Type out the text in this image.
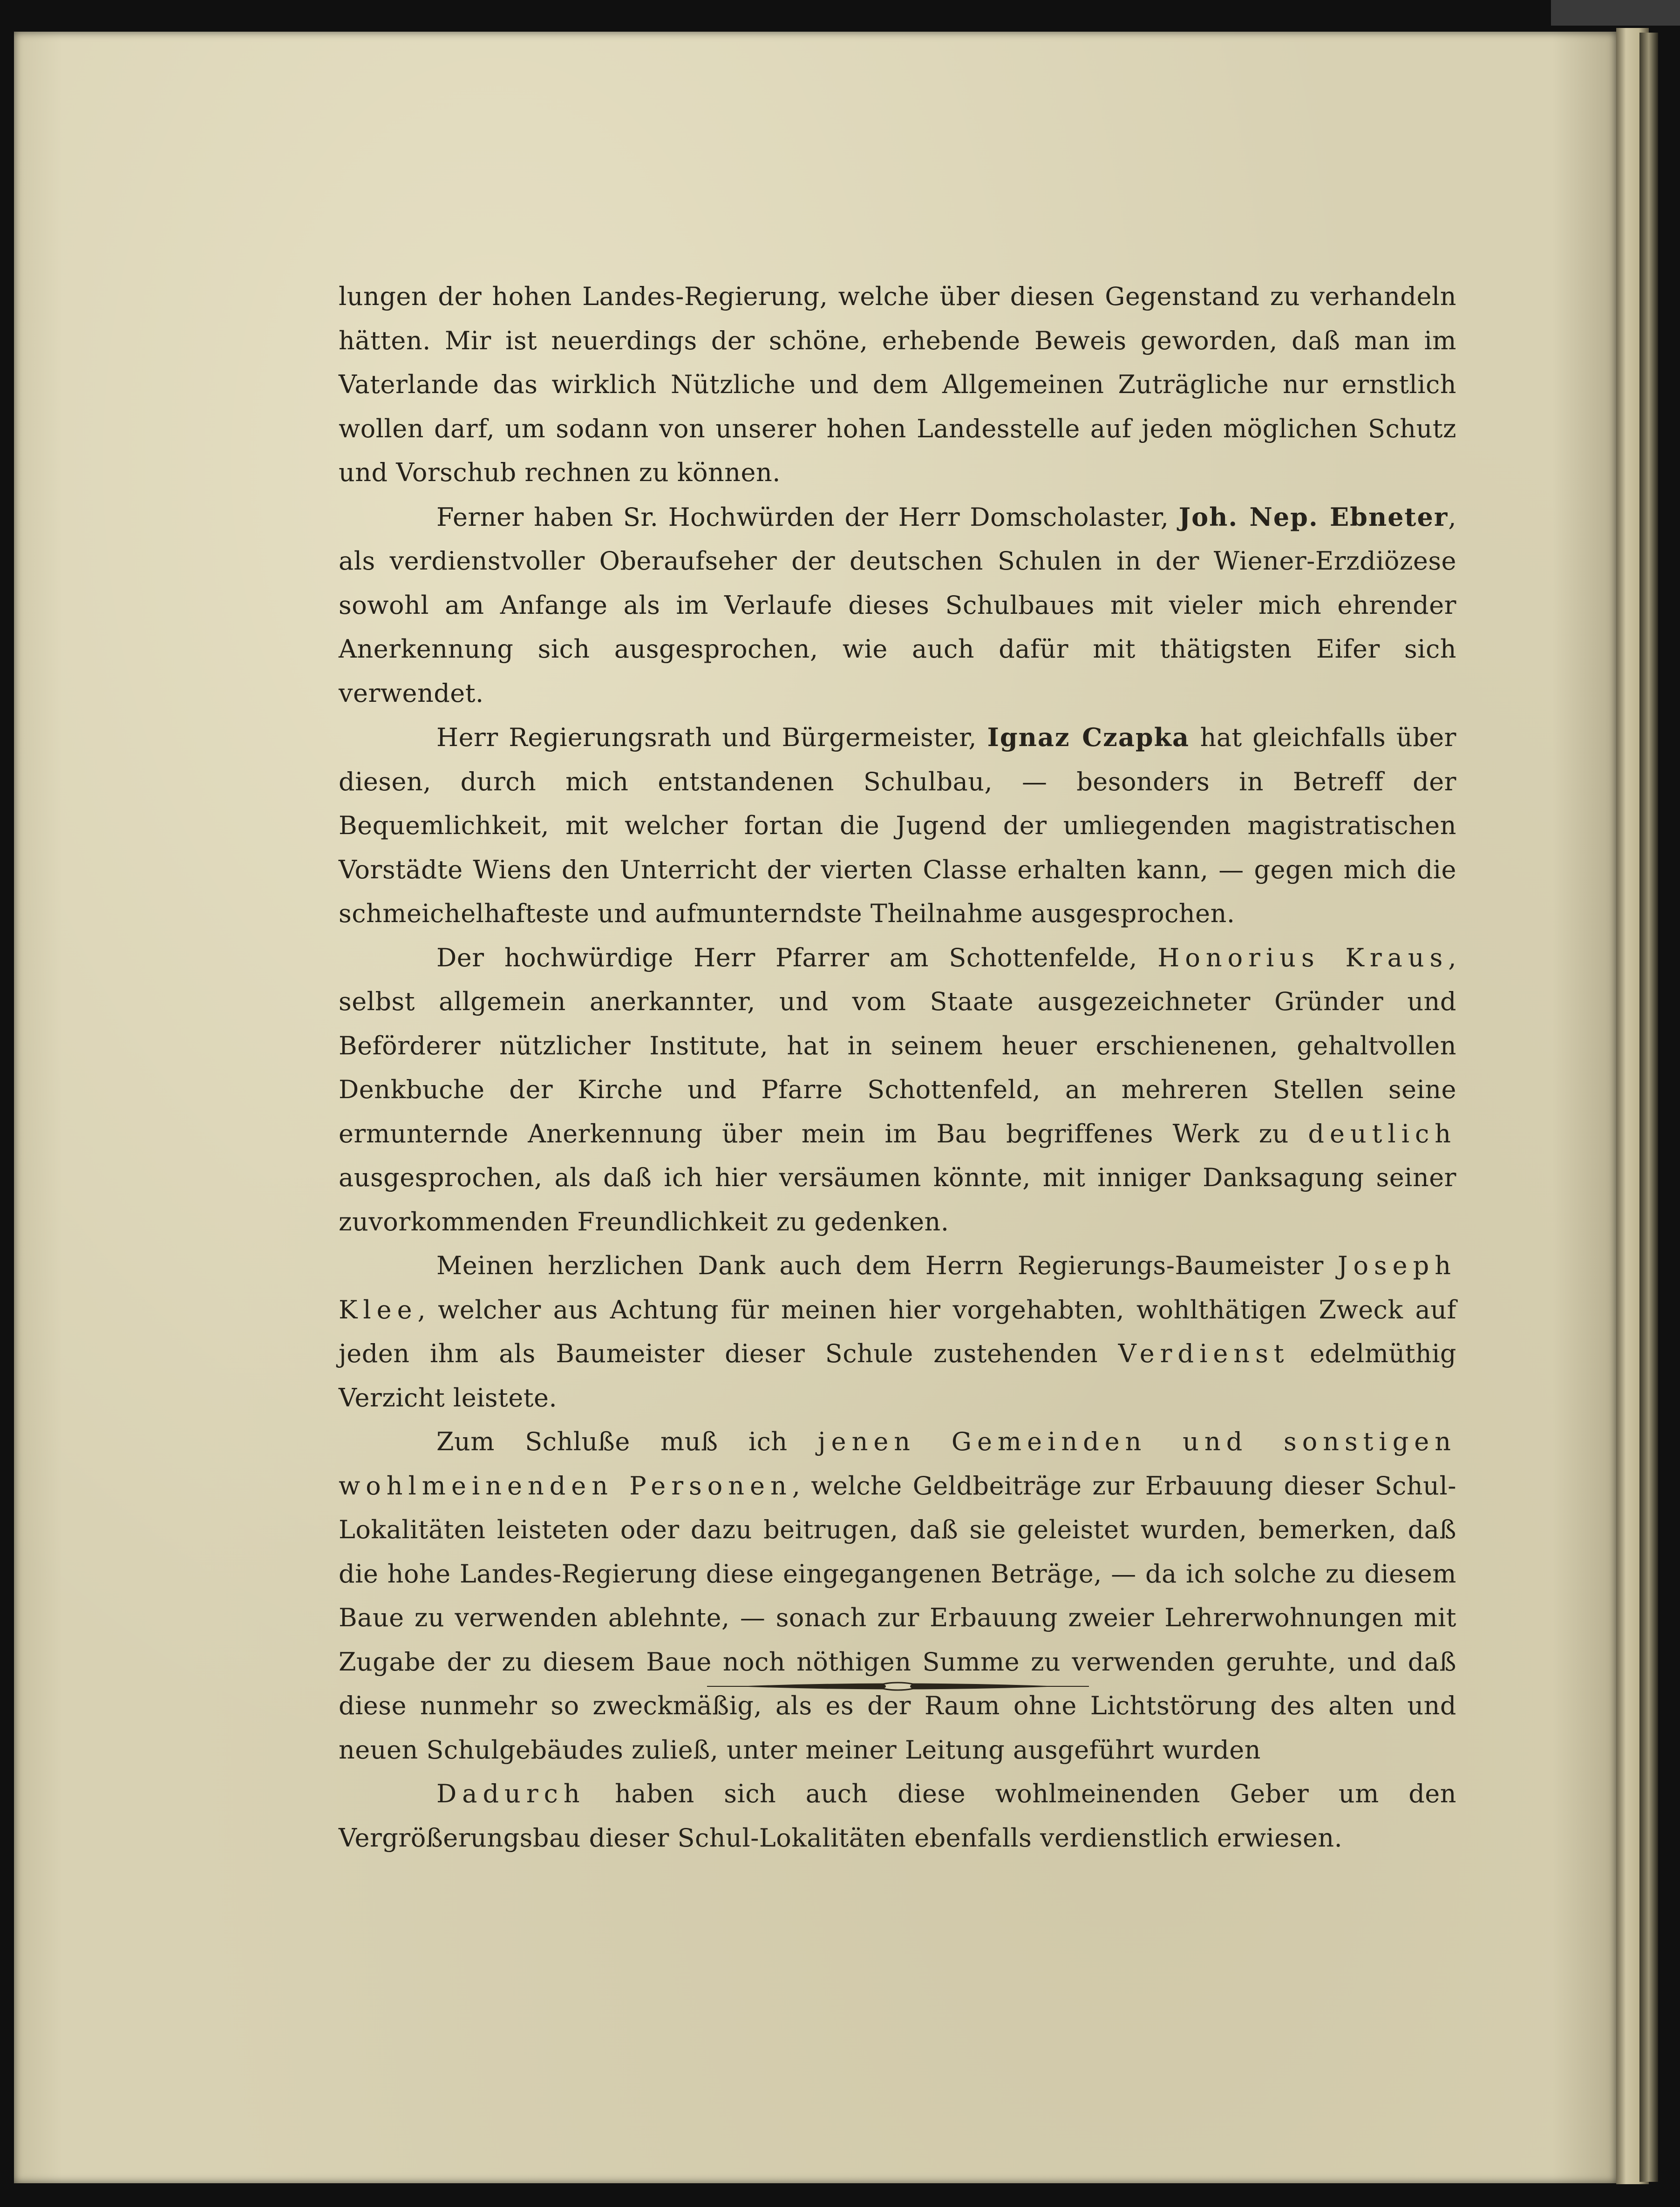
lungen der hohen Landes-Regierung, welche über diesen Gegenstand zu verhandeln hätten. Mir ist neuerdings der schöne, erhebende Beweis geworden, daß man im Vaterlande das wirklich Nützliche und dem Allgemeinen Zuträgliche nur ernstlich wollen darf, um sodann von unserer hohen Landesstelle auf jeden möglichen Schutz und Vorschub rechnen zu können.

Ferner haben Sr. Hochwürden der Herr Domscholaster, Joh. Nep. Ebneter, als verdienstvoller Oberaufseher der deutschen Schulen in der Wiener-Erzdiözese sowohl am Anfange als im Verlaufe dieses Schulbaues mit vieler mich ehrender Anerkennung sich ausgesprochen, wie auch dafür mit thätigsten Eifer sich verwendet.

Herr Regierungsrath und Bürgermeister, Ignaz Czapka hat gleichfalls über diesen, durch mich entstandenen Schulbau, — besonders in Betreff der Bequemlichkeit, mit welcher fortan die Jugend der umliegenden magistratischen Vorstädte Wiens den Unterricht der vierten Classe erhalten kann, — gegen mich die schmeichelhafteste und aufmunterndste Theilnahme ausgesprochen.

Der hochwürdige Herr Pfarrer am Schottenfelde, Honorius Kraus, selbst allgemein anerkannter, und vom Staate ausgezeichneter Gründer und Beförderer nützlicher Institute, hat in seinem heuer erschienenen, gehaltvollen Denkbuche der Kirche und Pfarre Schottenfeld, an mehreren Stellen seine ermunternde Anerkennung über mein im Bau begriffenes Werk zu deutlich ausgesprochen, als daß ich hier versäumen könnte, mit inniger Danksagung seiner zuvorkommenden Freundlichkeit zu gedenken.

Meinen herzlichen Dank auch dem Herrn Regierungs-Baumeister Joseph Klee, welcher aus Achtung für meinen hier vorgehabten, wohlthätigen Zweck auf jeden ihm als Baumeister dieser Schule zustehenden Verdienst edelmüthig Verzicht leistete.

Zum Schluße muß ich jenen Gemeinden und sonstigen wohlmeinenden Personen, welche Geldbeiträge zur Erbauung dieser Schul-Lokalitäten leisteten oder dazu beitrugen, daß sie geleistet wurden, bemerken, daß die hohe Landes-Regierung diese eingegangenen Beträge, — da ich solche zu diesem Baue zu verwenden ablehnte, — sonach zur Erbauung zweier Lehrerwohnungen mit Zugabe der zu diesem Baue noch nöthigen Summe zu verwenden geruhte, und daß diese nunmehr so zweckmäßig, als es der Raum ohne Lichtstörung des alten und neuen Schulgebäudes zuließ, unter meiner Leitung ausgeführt wurden

Dadurch haben sich auch diese wohlmeinenden Geber um den Vergrößerungsbau dieser Schul-Lokalitäten ebenfalls verdienstlich erwiesen.
